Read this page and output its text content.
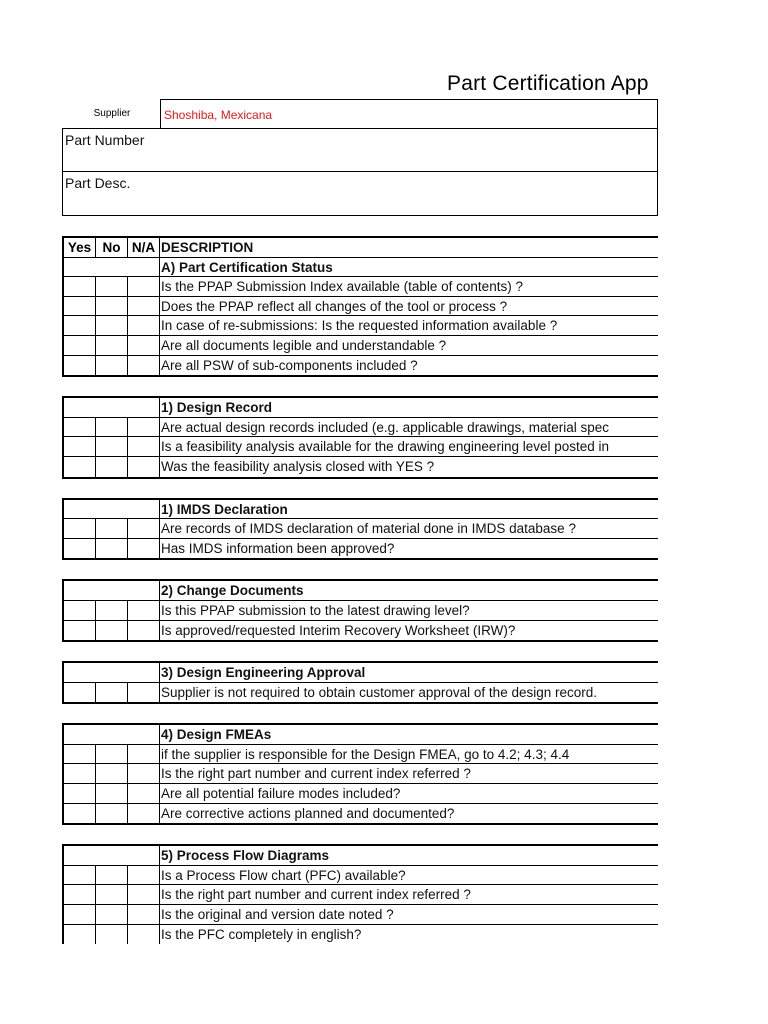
Part Certification App
Supplier	Shoshiba, Mexicana
Part Number
Part Desc.
Yes No N/A DESCRIPTION
A) Part Certification Status
Is the PPAP Submission Index available (table of contents) ?
Does the PPAP reflect all changes of the tool or process ?
In case of re-submissions: Is the requested information available ?
Are all documents legible and understandable ?
Are all PSW of sub-components included ?
1) Design Record
Are actual design records included (e.g. applicable drawings, material spec
Is a feasibility analysis available for the drawing engineering level posted in
Was the feasibility analysis closed with YES ?
1) IMDS Declaration
Are records of IMDS declaration of material done in IMDS database ?
Has IMDS information been approved?
2) Change Documents
Is this PPAP submission to the latest drawing level?
Is approved/requested Interim Recovery Worksheet (IRW)?
3) Design Engineering Approval
Supplier is not required to obtain customer approval of the design record.
4) Design FMEAs
if the supplier is responsible for the Design FMEA, go to 4.2; 4.3; 4.4
Is the right part number and current index referred ?
Are all potential failure modes included?
Are corrective actions planned and documented?
5) Process Flow Diagrams
Is a Process Flow chart (PFC) available?
Is the right part number and current index referred ?
Is the original and version date noted ?
Is the PFC completely in english?
